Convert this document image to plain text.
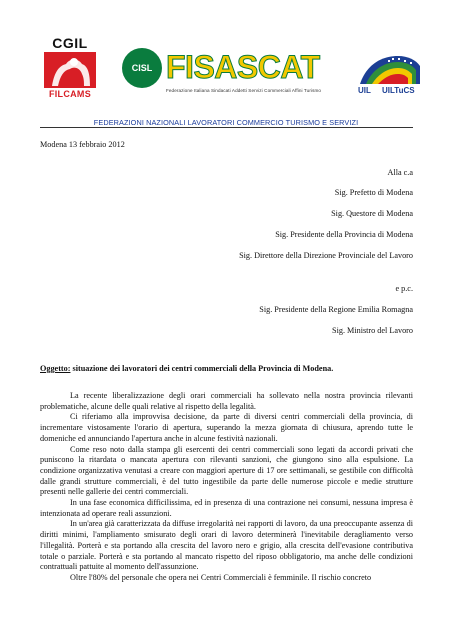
CGIL
FILCAMS
CISL FISASCAT
Federazione Italiana Sindacati Addetti Servizi Commerciali Affini Turismo	UIL UILTuCS
FEDERAZIONI NAZIONALI LAVORATORI COMMERCIO TURISMO E SERVIZI
Modena 13 febbraio 2012
Alla c.a
Sig. Prefetto di Modena
Sig. Questore di Modena
Sig. Presidente della Provincia di Modena
Sig. Direttore della Direzione Provinciale del Lavoro
e p.c.
Sig. Presidente della Regione Emilia Romagna
Sig. Ministro del Lavoro
Oggetto: situazione dei lavoratori dei centri commerciali della Provincia di Modena.

La recente liberalizzazione degli orari commerciali ha sollevato nella nostra provincia rilevanti problematiche, alcune delle quali relative al rispetto della legalità.

Ci riferiamo alla improvvisa decisione, da parte di diversi centri commerciali della provincia, di incrementare vistosamente l'orario di apertura, superando la mezza giornata di chiusura, aprendo tutte le domeniche ed annunciando l'apertura anche in alcune festività nazionali.

Come reso noto dalla stampa gli esercenti dei centri commerciali sono legati da accordi privati che puniscono la ritardata o mancata apertura con rilevanti sanzioni, che giungono sino alla espulsione. La condizione organizzativa venutasi a creare con maggiori aperture di 17 ore settimanali, se gestibile con difficoltà dalle grandi strutture commerciali, è del tutto ingestibile da parte delle numerose piccole e medie strutture presenti nelle gallerie dei centri commerciali.

In una fase economica difficilissima, ed in presenza di una contrazione nei consumi, nessuna impresa è intenzionata ad operare reali assunzioni.

In un'area già caratterizzata da diffuse irregolarità nei rapporti di lavoro, da una preoccupante assenza di diritti minimi, l'ampliamento smisurato degli orari di lavoro determinerà l'inevitabile deragliamento verso l'illegalità. Porterà e sta portando alla crescita del lavoro nero e grigio, alla crescita dell'evasione contributiva totale o parziale. Porterà e sta portando al mancato rispetto del riposo obbligatorio, ma anche delle condizioni contrattuali pattuite al momento dell'assunzione.

Oltre l'80% del personale che opera nei Centri Commerciali è femminile. Il rischio concreto
